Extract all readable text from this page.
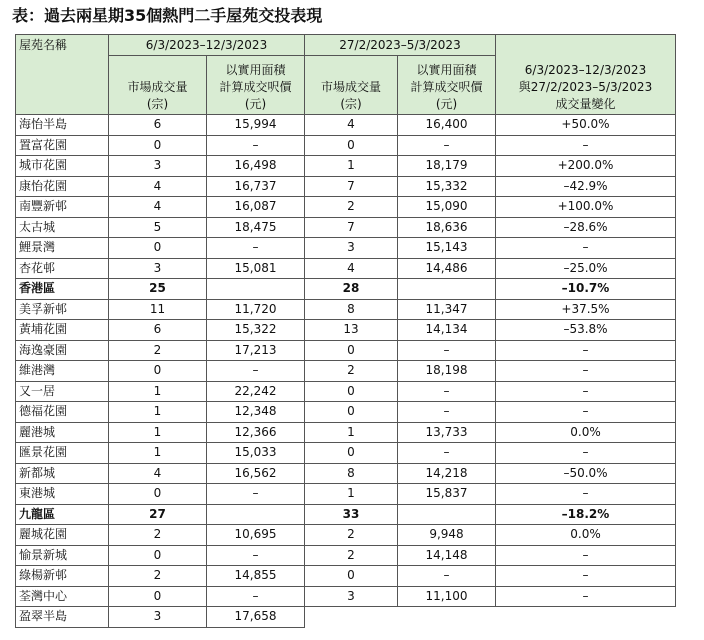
表：過去兩星期35個熱門二手屋苑交投表現
屋苑名稱	6/3/2023–12/3/2023		27/2/2023–5/3/2023		6/3/2023–12/3/2023
與27/2/2023–5/3/2023
成交量變化

	市場成交量
(宗)	以實用面積
計算成交呎價
(元)	市場成交量
(宗)	以實用面積
計算成交呎價
(元)	

海怡半島	6	15,994	4	16,400	+50.0%
置富花園	0	–	0	–	–
城市花園	3	16,498	1	18,179	+200.0%
康怡花園	4	16,737	7	15,332	–42.9%
南豐新邨	4	16,087	2	15,090	+100.0%
太古城	5	18,475	7	18,636	–28.6%
鯉景灣	0	–	3	15,143	–
杏花邨	3	15,081	4	14,486	–25.0%
香港區	25		28		–10.7%
美孚新邨	11	11,720	8	11,347	+37.5%
黃埔花園	6	15,322	13	14,134	–53.8%
海逸豪園	2	17,213	0	–	–
維港灣	0	–	2	18,198	–
又一居	1	22,242	0	–	–
德福花園	1	12,348	0	–	–
麗港城	1	12,366	1	13,733	0.0%
匯景花園	1	15,033	0	–	–
新都城	4	16,562	8	14,218	–50.0%
東港城	0	–	1	15,837	–
九龍區	27		33		–18.2%
麗城花園	2	10,695	2	9,948	0.0%
愉景新城	0	–	2	14,148	–
綠楊新邨	2	14,855	0	–	–
荃灣中心	0	–	3	11,100	–
盈翠半島	3	17,658			
